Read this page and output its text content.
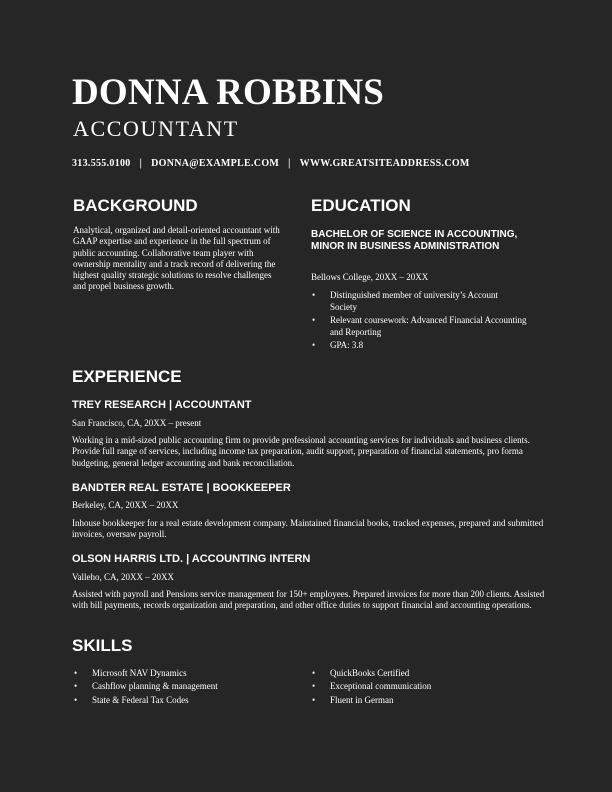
DONNA ROBBINS
ACCOUNTANT
313.555.0100 | DONNA@EXAMPLE.COM | WWW.GREATSITEADDRESS.COM
BACKGROUND
Analytical, organized and detail-oriented accountant with GAAP expertise and experience in the full spectrum of public accounting. Collaborative team player with ownership mentality and a track record of delivering the highest quality strategic solutions to resolve challenges and propel business growth.
EDUCATION
BACHELOR OF SCIENCE IN ACCOUNTING, MINOR IN BUSINESS ADMINISTRATION
Bellows College, 20XX – 20XX
• Distinguished member of university’s Account Society
• Relevant coursework: Advanced Financial Accounting and Reporting
• GPA: 3.8
EXPERIENCE
TREY RESEARCH | ACCOUNTANT
San Francisco, CA, 20XX – present
Working in a mid-sized public accounting firm to provide professional accounting services for individuals and business clients. Provide full range of services, including income tax preparation, audit support, preparation of financial statements, pro forma budgeting, general ledger accounting and bank reconciliation.
BANDTER REAL ESTATE | BOOKKEEPER
Berkeley, CA, 20XX – 20XX
Inhouse bookkeeper for a real estate development company. Maintained financial books, tracked expenses, prepared and submitted invoices, oversaw payroll.
OLSON HARRIS LTD. | ACCOUNTING INTERN
Valleho, CA, 20XX – 20XX
Assisted with payroll and Pensions service management for 150+ employees. Prepared invoices for more than 200 clients. Assisted with bill payments, records organization and preparation, and other office duties to support financial and accounting operations.
SKILLS
• Microsoft NAV Dynamics
• Cashflow planning & management
• State & Federal Tax Codes
• QuickBooks Certified
• Exceptional communication
• Fluent in German
